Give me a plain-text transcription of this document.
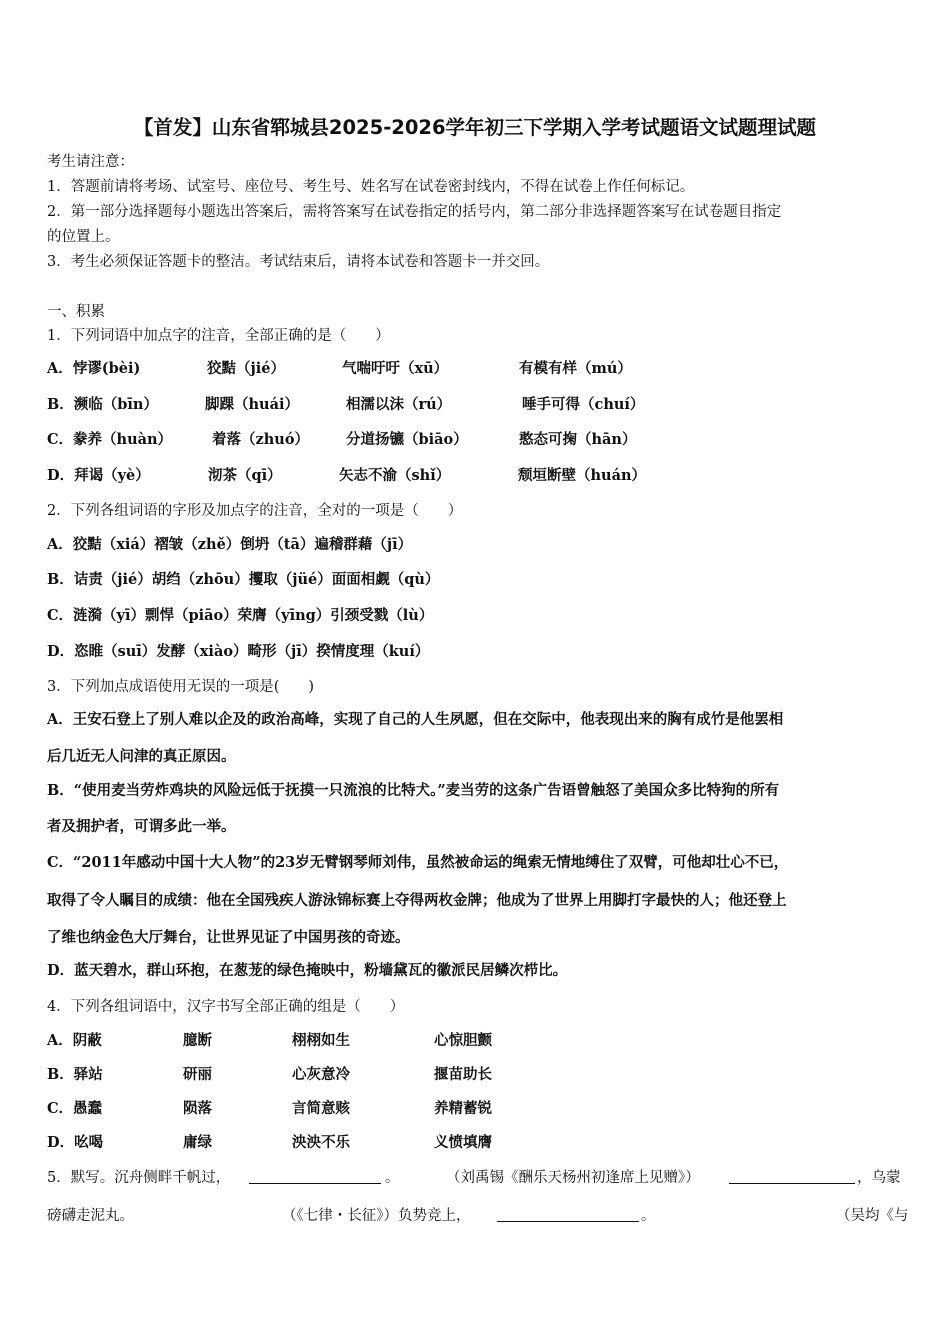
【首发】山东省郓城县2025-2026学年初三下学期入学考试题语文试题理试题
考生请注意：
1．答题前请将考场、试室号、座位号、考生号、姓名写在试卷密封线内，不得在试卷上作任何标记。
2．第一部分选择题每小题选出答案后，需将答案写在试卷指定的括号内，第二部分非选择题答案写在试卷题目指定
的位置上。
3．考生必须保证答题卡的整洁。考试结束后，请将本试卷和答题卡一并交回。
一、积累
1．下列词语中加点字的注音，全部正确的是（　　）
A．悖谬(bèi)	狡黠（jié）	气喘吁吁（xū）	有模有样（mú）
B．濒临（bīn）	脚踝（huái）	相濡以沫（rú）	唾手可得（chuí）
C．豢养（huàn）	着落（zhuó）	分道扬镳（biāo）	憨态可掬（hān）
D．拜谒（yè）	沏茶（qī）	矢志不渝（shǐ）	颓垣断壁（huán）
2．下列各组词语的字形及加点字的注音，全对的一项是（　　）
A．狡黠（xiá）褶皱（zhě）倒坍（tā）遍稽群藉（jī）
B．诘责（jié）胡绉（zhōu）攫取（jüé）面面相觑（qù）
C．涟漪（yī）剽悍（piāo）荣膺（yīng）引颈受戮（lù）
D．恣睢（suī）发酵（xiào）畸形（jī）揆情度理（kuí）
3．下列加点成语使用无误的一项是(　　)
A．王安石登上了别人难以企及的政治高峰，实现了自己的人生夙愿，但在交际中，他表现出来的胸有成竹是他罢相
后几近无人问津的真正原因。
B．“使用麦当劳炸鸡块的风险远低于抚摸一只流浪的比特犬。”麦当劳的这条广告语曾触怒了美国众多比特狗的所有
者及拥护者，可谓多此一举。
C．“2011年感动中国十大人物”的23岁无臂钢琴师刘伟，虽然被命运的绳索无情地缚住了双臂，可他却壮心不已，
取得了令人瞩目的成绩：他在全国残疾人游泳锦标赛上夺得两枚金牌；他成为了世界上用脚打字最快的人；他还登上
了维也纳金色大厅舞台，让世界见证了中国男孩的奇迹。
D．蓝天碧水，群山环抱，在葱茏的绿色掩映中，粉墙黛瓦的徽派民居鳞次栉比。
4．下列各组词语中，汉字书写全部正确的组是（　　）
A．阴蔽	臆断	栩栩如生	心惊胆颤
B．驿站	研丽	心灰意冷	揠苗助长
C．愚蠢	陨落	言简意赅	养精蓄锐
D．吆喝	庸绿	泱泱不乐	义愤填膺
5．默写。沉舟侧畔千帆过，	。	（刘禹锡《酬乐天杨州初逢席上见赠》）	，乌蒙
磅礴走泥丸。	（《七律・长征》）负势竞上，	。	（吴均《与
